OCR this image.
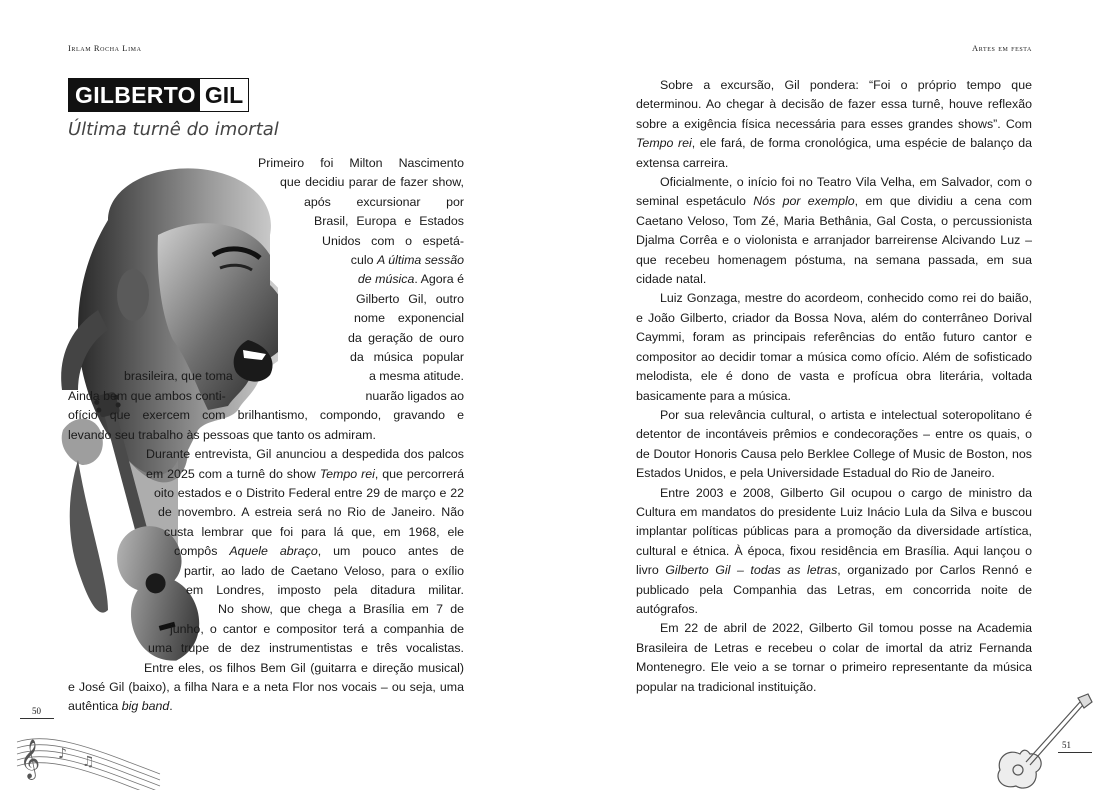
Irlam Rocha Lima	Artes em festa
GILBERTO GIL
Última turnê do imortal
Primeiro foi Milton Nascimento
que decidiu parar de fazer show,
após excursionar por
Brasil, Europa e Estados
Unidos com o espetá-
culo A última sessão
de música. Agora é
Gilberto Gil, outro
nome exponencial
da geração de ouro
da música popular
brasileira, que toma	a mesma atitude.
Ainda bem que ambos conti-	nuarão ligados ao
ofício que exercem com brilhantismo, compondo, gravando e
levando seu trabalho às pessoas que tanto os admiram.
Durante entrevista, Gil anunciou a despedida dos palcos
em 2025 com a turnê do show Tempo rei, que percorrerá
oito estados e o Distrito Federal entre 29 de março e 22
de novembro. A estreia será no Rio de Janeiro. Não
custa lembrar que foi para lá que, em 1968, ele
compôs Aquele abraço, um pouco antes de
partir, ao lado de Caetano Veloso, para o exílio
em Londres, imposto pela ditadura militar.
No show, que chega a Brasília em 7 de
junho, o cantor e compositor terá a companhia de
uma trupe de dez instrumentistas e três vocalistas.
Entre eles, os filhos Bem Gil (guitarra e direção musical)
e José Gil (baixo), a filha Nara e a neta Flor nos vocais – ou seja, uma
autêntica big band.

Sobre a excursão, Gil pondera: “Foi o próprio tempo que determinou. Ao chegar à decisão de fazer essa turnê, houve reflexão sobre a exigência física necessária para esses grandes shows”. Com Tempo rei, ele fará, de forma cronológica, uma espécie de balanço da extensa carreira.

Oficialmente, o início foi no Teatro Vila Velha, em Salvador, com o seminal espetáculo Nós por exemplo, em que dividiu a cena com Caetano Veloso, Tom Zé, Maria Bethânia, Gal Costa, o percussionista Djalma Corrêa e o violonista e arranjador barreirense Alcivando Luz – que recebeu homenagem póstuma, na semana passada, em sua cidade natal.

Luiz Gonzaga, mestre do acordeom, conhecido como rei do baião, e João Gilberto, criador da Bossa Nova, além do conterrâneo Dorival Caymmi, foram as principais referências do então futuro cantor e compositor ao decidir tomar a música como ofício. Além de sofisticado melodista, ele é dono de vasta e profícua obra literária, voltada basicamente para a música.

Por sua relevância cultural, o artista e intelectual soteropolitano é detentor de incontáveis prêmios e condecorações – entre os quais, o de Doutor Honoris Causa pelo Berklee College of Music de Boston, nos Estados Unidos, e pela Universidade Estadual do Rio de Janeiro.

Entre 2003 e 2008, Gilberto Gil ocupou o cargo de ministro da Cultura em mandatos do presidente Luiz Inácio Lula da Silva e buscou implantar políticas públicas para a promoção da diversidade artística, cultural e étnica. À época, fixou residência em Brasília. Aqui lançou o livro Gilberto Gil – todas as letras, organizado por Carlos Rennó e publicado pela Companhia das Letras, em concorrida noite de autógrafos.

Em 22 de abril de 2022, Gilberto Gil tomou posse na Academia Brasileira de Letras e recebeu o colar de imortal da atriz Fernanda Montenegro. Ele veio a se tornar o primeiro representante da música popular na tradicional instituição.

50
51
𝄞 ♪ ♫
